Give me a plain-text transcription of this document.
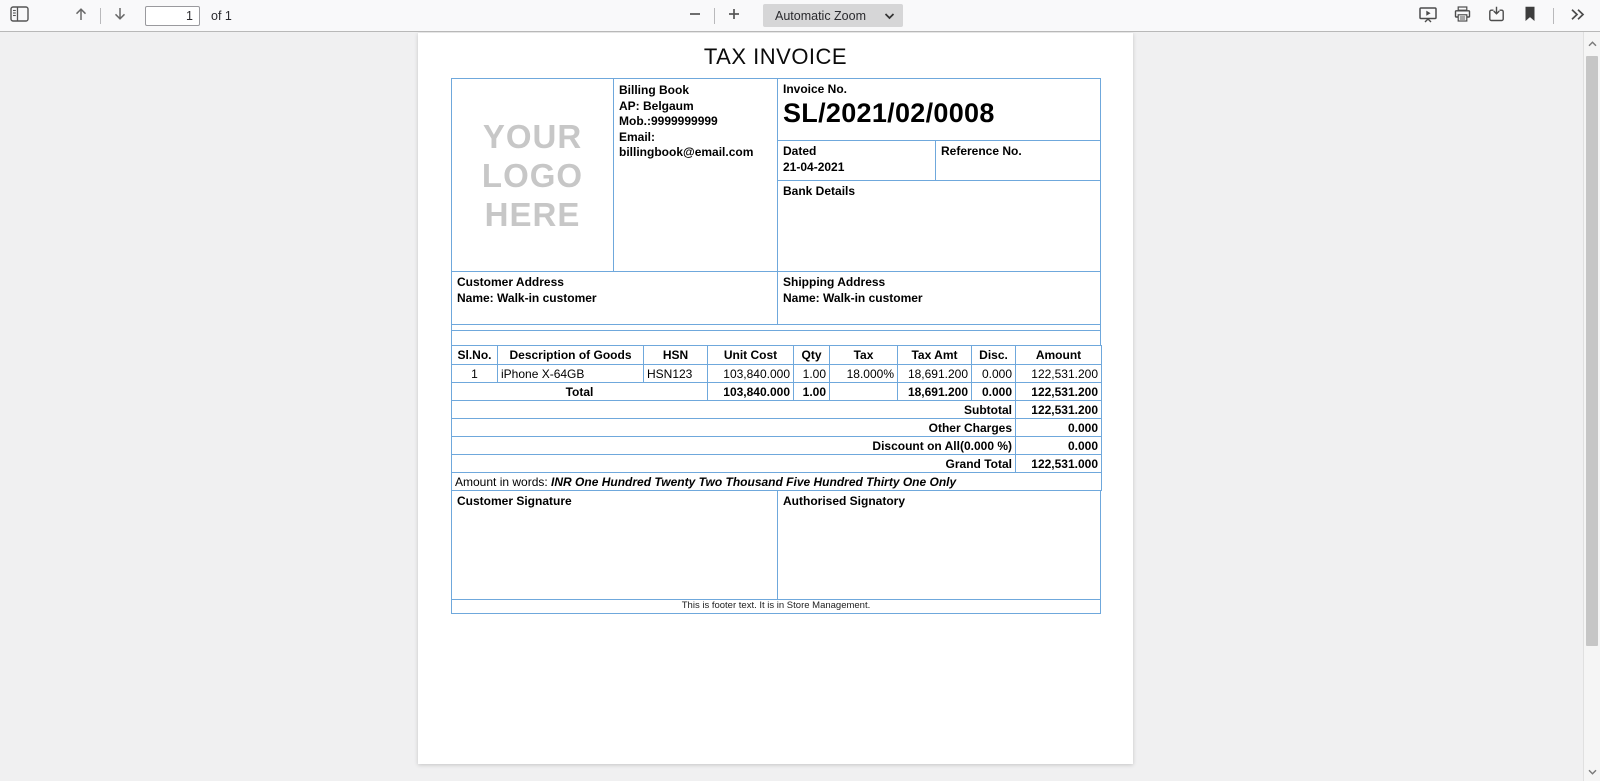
1
of 1	Automatic Zoom
TAX INVOICE
YOUR
LOGO
HERE
Billing Book
AP: Belgaum
Mob.:9999999999
Email:
billingbook@email.com
Invoice No.
SL/2021/02/0008
Dated
21-04-2021
Reference No.
Bank Details
Customer Address
Name: Walk-in customer
Shipping Address
Name: Walk-in customer
Sl.No.	Description of Goods	HSN	Unit Cost	Qty	Tax	Tax Amt	Disc.	Amount
1	iPhone X-64GB	HSN123	103,840.000	1.00	18.000%	18,691.200	0.000	122,531.200
Total			103,840.000	1.00		18,691.200	0.000	122,531.200
Subtotal								122,531.200
Other Charges								0.000
Discount on All(0.000 %)								0.000
Grand Total								122,531.000
Amount in words: INR One Hundred Twenty Two Thousand Five Hundred Thirty One Only								
Customer Signature	Authorised Signatory
This is footer text. It is in Store Management.
